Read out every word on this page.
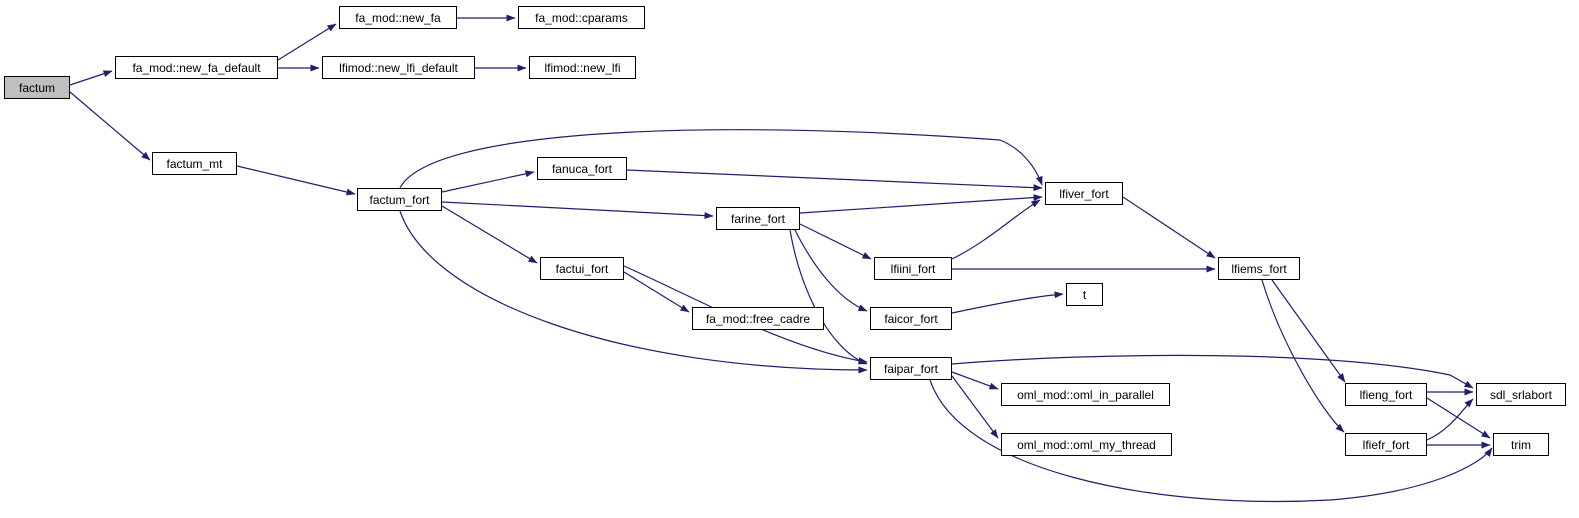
factum
fa_mod::new_fa_default
fa_mod::new_fa	fa_mod::cparams
lfimod::new_lfi_default	lfimod::new_lfi
factum_mt
factum_fort
fanuca_fort
farine_fort
factui_fort
fa_mod::free_cadre
lfiini_fort
faicor_fort
faipar_fort
t
oml_mod::oml_in_parallel
oml_mod::oml_my_thread
lfiver_fort
lfiems_fort
lfieng_fort
lfiefr_fort
sdl_srlabort
trim
